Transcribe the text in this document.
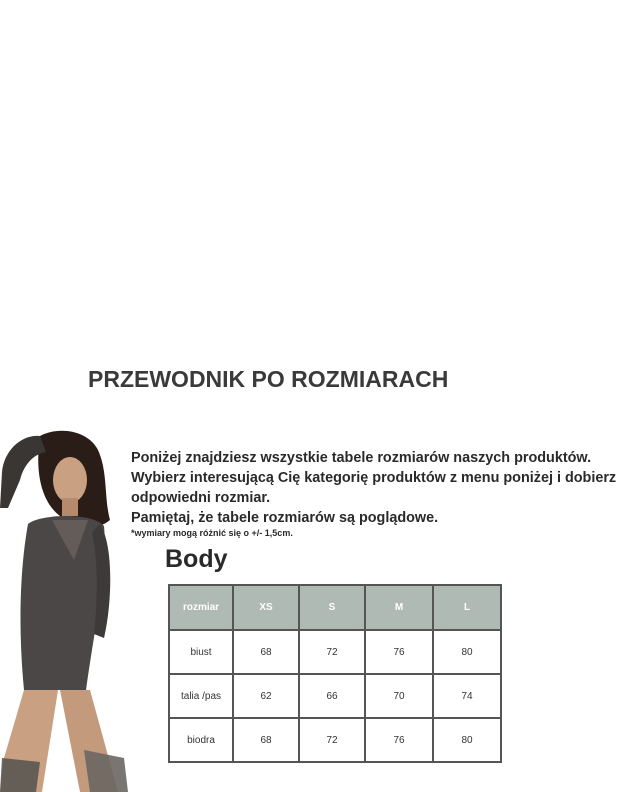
PRZEWODNIK PO ROZMIARACH

Poniżej znajdziesz wszystkie tabele rozmiarów naszych produktów.

Wybierz interesującą Cię kategorię produktów z menu poniżej i dobierz

odpowiedni rozmiar.

Pamiętaj, że tabele rozmiarów są poglądowe.

*wymiary mogą różnić się o +/- 1,5cm.
Body
rozmiar	XS	S	M	L
biust	68	72	76	80
talia /pas	62	66	70	74
biodra	68	72	76	80
